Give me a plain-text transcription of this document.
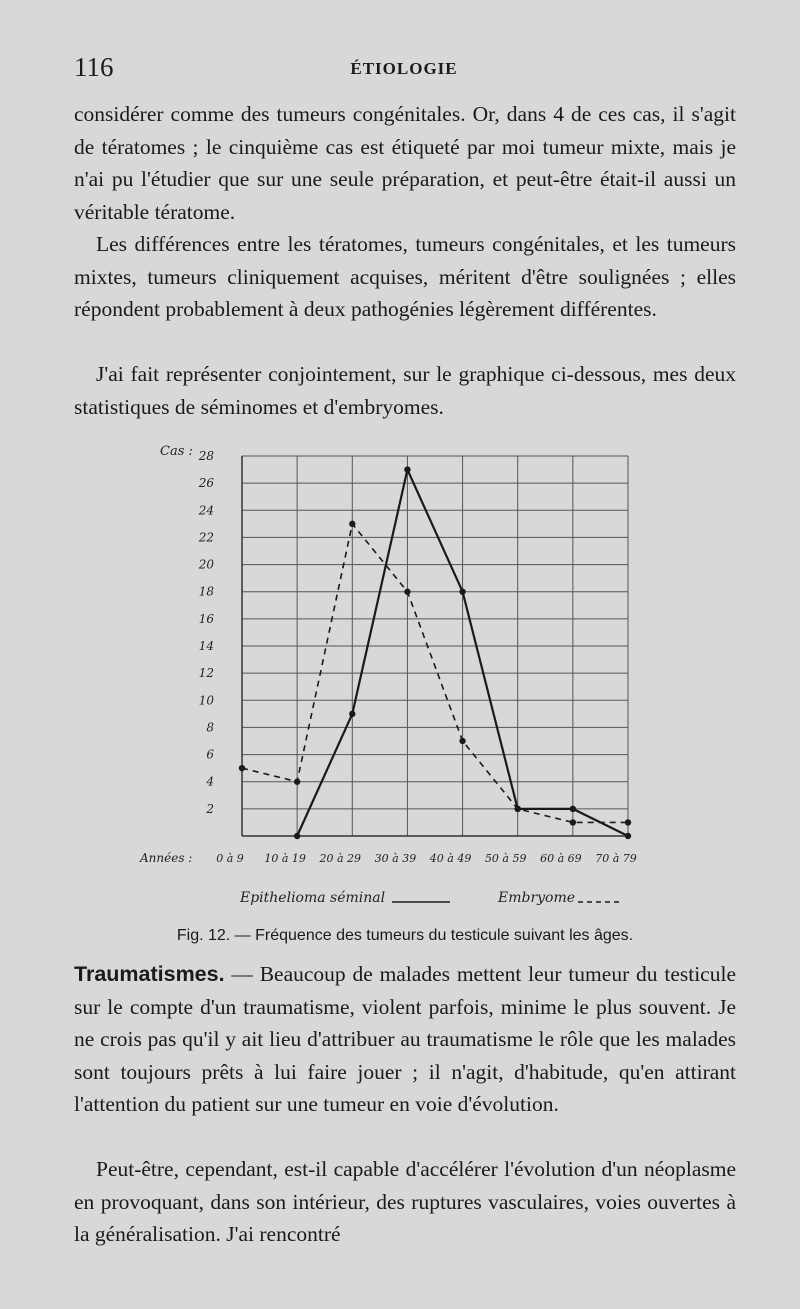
116	ÉTIOLOGIE

considérer comme des tumeurs congénitales. Or, dans 4 de ces cas, il s'agit de tératomes ; le cinquième cas est étiqueté par moi tumeur mixte, mais je n'ai pu l'étudier que sur une seule préparation, et peut-être était-il aussi un véritable tératome.

Les différences entre les tératomes, tumeurs congénitales, et les tumeurs mixtes, tumeurs cliniquement acquises, méritent d'être soulignées ; elles répondent probablement à deux pathogénies légèrement différentes.

J'ai fait représenter conjointement, sur le graphique ci-dessous, mes deux statistiques de séminomes et d'embryomes.

2
4
6
8
10
12
14
16
18
20
22
24
26
28
Cas :
0 à 9 10 à 19 20 à 29 30 à 39 40 à 49 50 à 59 60 à 69 70 à 79
Années :
Epithelioma séminal	Embryome
Fig. 12. — Fréquence des tumeurs du testicule suivant les âges.

Traumatismes. — Beaucoup de malades mettent leur tumeur du testicule sur le compte d'un traumatisme, violent parfois, minime le plus souvent. Je ne crois pas qu'il y ait lieu d'attribuer au traumatisme le rôle que les malades sont toujours prêts à lui faire jouer ; il n'agit, d'habitude, qu'en attirant l'attention du patient sur une tumeur en voie d'évolution.

Peut-être, cependant, est-il capable d'accélérer l'évolution d'un néoplasme en provoquant, dans son intérieur, des ruptures vasculaires, voies ouvertes à la généralisation. J'ai rencontré
